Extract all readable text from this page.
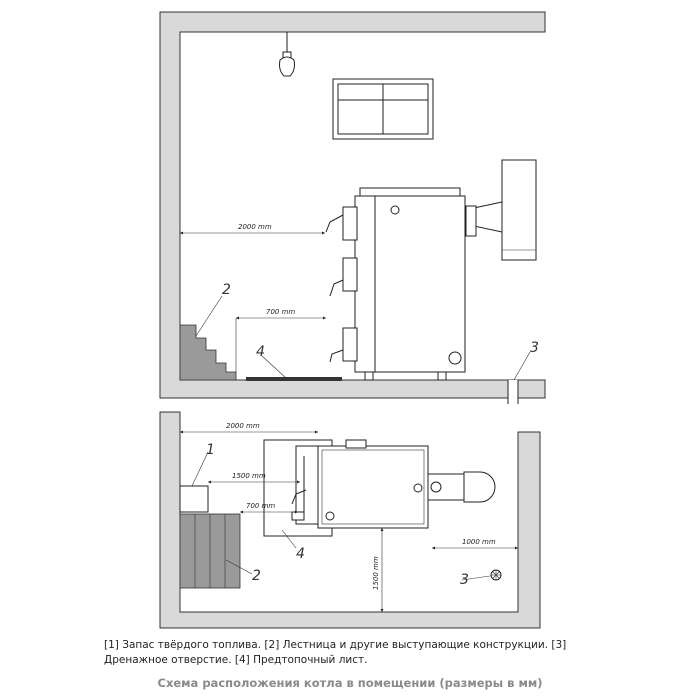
2000 mm
700 mm
2
4	3
2000 mm
1500 mm
700 mm
1000 mm
1500 mm
1
2	3
4
[1] Запас твёрдого топлива. [2] Лестница и другие выступающие конструкции. [3] Дренажное отверстие. [4] Предтопочный лист.
Схема расположения котла в помещении (размеры в мм)
